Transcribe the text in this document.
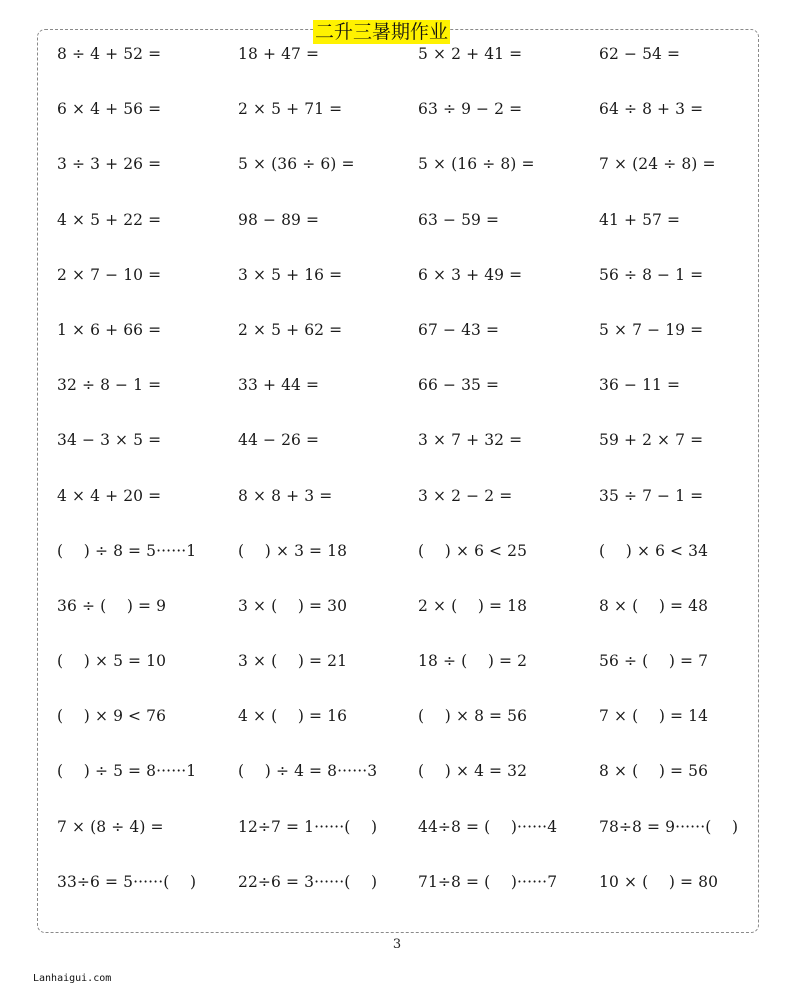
二升三暑期作业
8 ÷ 4 + 52 =	18 + 47 =	5 × 2 + 41 =	62 − 54 =
6 × 4 + 56 =	2 × 5 + 71 =	63 ÷ 9 − 2 =	64 ÷ 8 + 3 =
3 ÷ 3 + 26 =	5 × (36 ÷ 6) =	5 × (16 ÷ 8) =	7 × (24 ÷ 8) =
4 × 5 + 22 =	98 − 89 =	63 − 59 =	41 + 57 =
2 × 7 − 10 =	3 × 5 + 16 =	6 × 3 + 49 =	56 ÷ 8 − 1 =
1 × 6 + 66 =	2 × 5 + 62 =	67 − 43 =	5 × 7 − 19 =
32 ÷ 8 − 1 =	33 + 44 =	66 − 35 =	36 − 11 =
34 − 3 × 5 =	44 − 26 =	3 × 7 + 32 =	59 + 2 × 7 =
4 × 4 + 20 =	8 × 8 + 3 =	3 × 2 − 2 =	35 ÷ 7 − 1 =
(　 ) ÷ 8 = 5······1	(　 ) × 3 = 18	(　 ) × 6 < 25	(　 ) × 6 < 34
36 ÷ (　 ) = 9	3 × (　 ) = 30	2 × (　 ) = 18	8 × (　 ) = 48
(　 ) × 5 = 10	3 × (　 ) = 21	18 ÷ (　 ) = 2	56 ÷ (　 ) = 7
(　 ) × 9 < 76	4 × (　 ) = 16	(　 ) × 8 = 56	7 × (　 ) = 14
(　 ) ÷ 5 = 8······1	(　 ) ÷ 4 = 8······3	(　 ) × 4 = 32	8 × (　 ) = 56
7 × (8 ÷ 4) =	12÷7 = 1······(　 )	44÷8 = (　 )······4	78÷8 = 9······(　 )
33÷6 = 5······(　 )	22÷6 = 3······(　 )	71÷8 = (　 )······7	10 × (　 ) = 80
3
Lanhaigui.com
